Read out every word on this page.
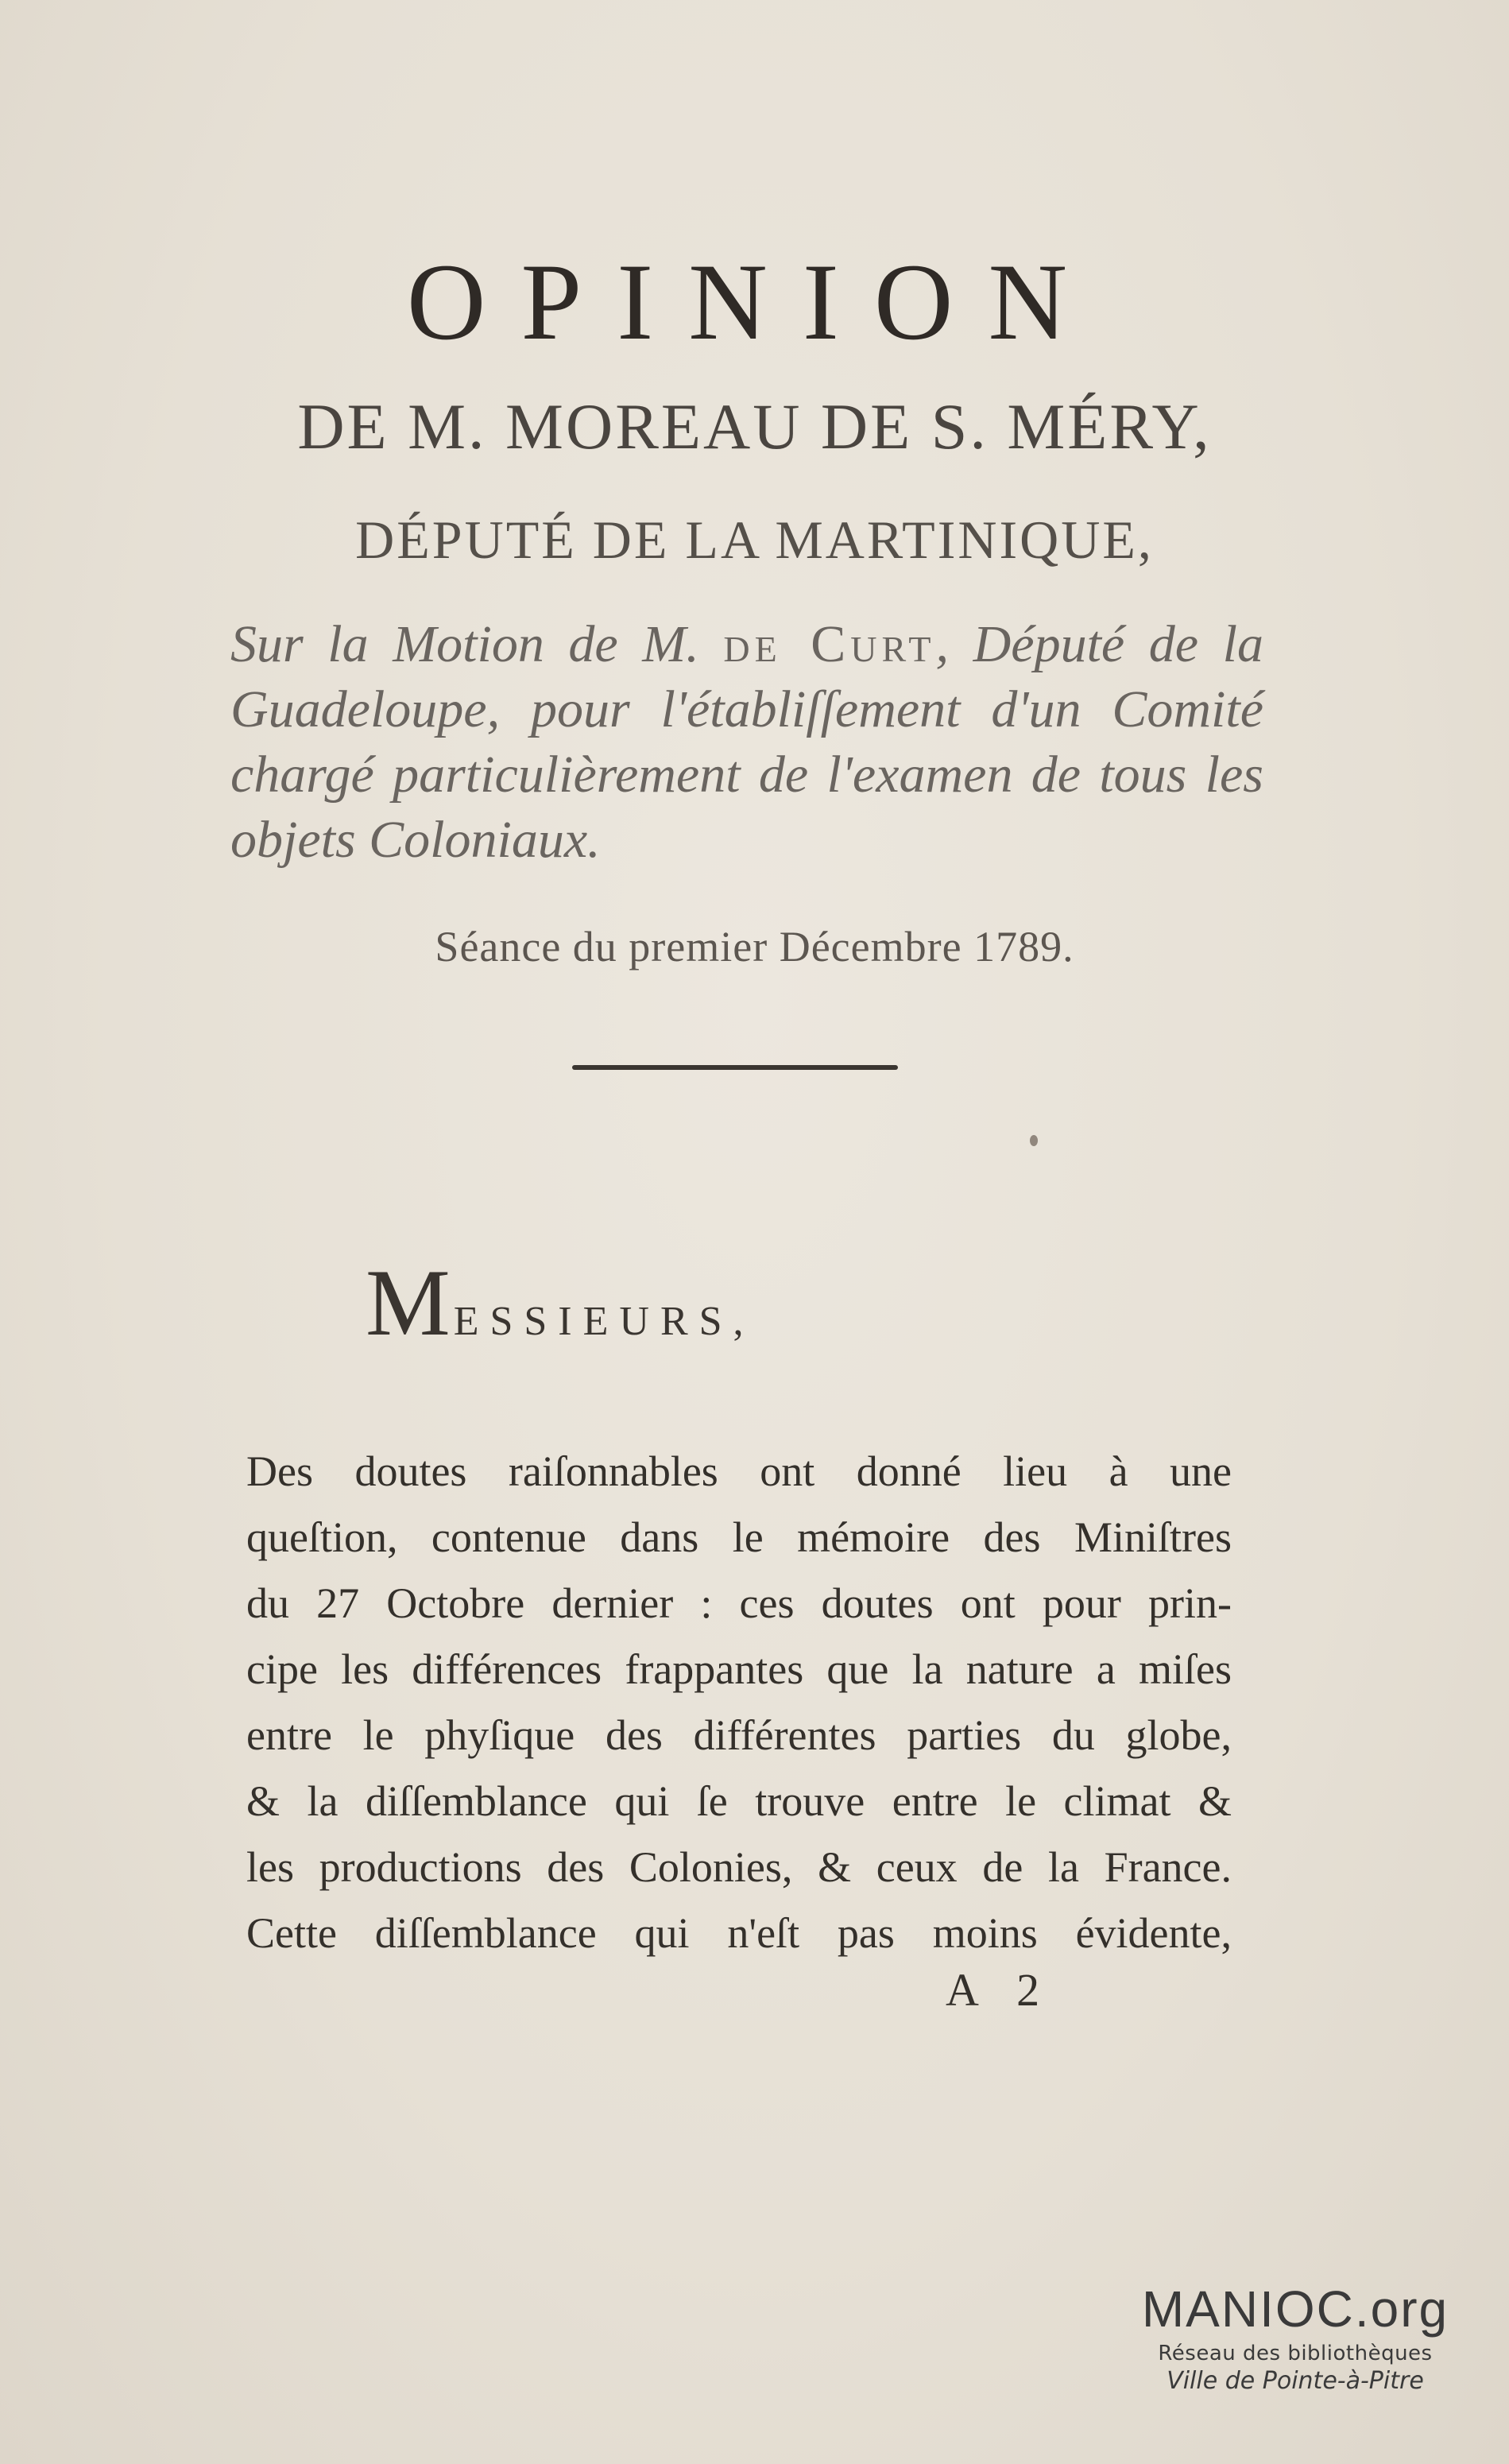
OPINION
DE M. MOREAU DE S. MÉRY,
DÉPUTÉ DE LA MARTINIQUE,
Sur la Motion de M. de Curt, Député de la Guadeloupe, pour l'établiſſement d'un Comité chargé particulièrement de l'examen de tous les objets Coloniaux.
Séance du premier Décembre 1789.
MESSIEURS,
Des doutes raiſonnables ont donné lieu à une
queſtion, contenue dans le mémoire des Miniſtres
du 27 Octobre dernier : ces doutes ont pour prin-
cipe les différences frappantes que la nature a miſes
entre le phyſique des différentes parties du globe,
& la diſſemblance qui ſe trouve entre le climat &
les productions des Colonies, & ceux de la France.
Cette diſſemblance qui n'eſt pas moins évidente,
A 2
MANIOC.org
Réseau des bibliothèques
Ville de Pointe-à-Pitre
